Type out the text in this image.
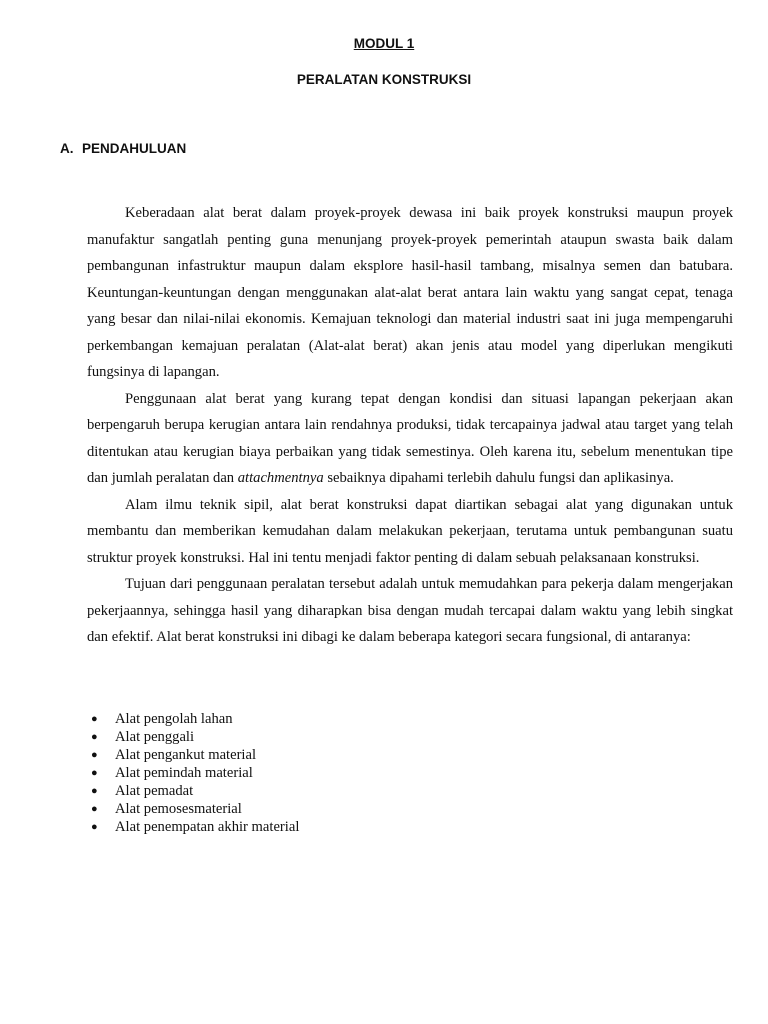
MODUL 1
PERALATAN KONSTRUKSI
A. PENDAHULUAN

Keberadaan alat berat dalam proyek-proyek dewasa ini baik proyek konstruksi maupun proyek manufaktur sangatlah penting guna menunjang proyek-proyek pemerintah ataupun swasta baik dalam pembangunan infastruktur maupun dalam eksplore hasil-hasil tambang, misalnya semen dan batubara. Keuntungan-keuntungan dengan menggunakan alat-alat berat antara lain waktu yang sangat cepat, tenaga yang besar dan nilai-nilai ekonomis. Kemajuan teknologi dan material industri saat ini juga mempengaruhi perkembangan kemajuan peralatan (Alat-alat berat) akan jenis atau model yang diperlukan mengikuti fungsinya di lapangan.

Penggunaan alat berat yang kurang tepat dengan kondisi dan situasi lapangan pekerjaan akan berpengaruh berupa kerugian antara lain rendahnya produksi, tidak tercapainya jadwal atau target yang telah ditentukan atau kerugian biaya perbaikan yang tidak semestinya. Oleh karena itu, sebelum menentukan tipe dan jumlah peralatan dan attachmentnya sebaiknya dipahami terlebih dahulu fungsi dan aplikasinya.

Alam ilmu teknik sipil, alat berat konstruksi dapat diartikan sebagai alat yang digunakan untuk membantu dan memberikan kemudahan dalam melakukan pekerjaan, terutama untuk pembangunan suatu struktur proyek konstruksi. Hal ini tentu menjadi faktor penting di dalam sebuah pelaksanaan konstruksi.

Tujuan dari penggunaan peralatan tersebut adalah untuk memudahkan para pekerja dalam mengerjakan pekerjaannya, sehingga hasil yang diharapkan bisa dengan mudah tercapai dalam waktu yang lebih singkat dan efektif. Alat berat konstruksi ini dibagi ke dalam beberapa kategori secara fungsional, di antaranya:

● Alat pengolah lahan
● Alat penggali
● Alat pengankut material
● Alat pemindah material
● Alat pemadat
● Alat pemosesmaterial
● Alat penempatan akhir material
